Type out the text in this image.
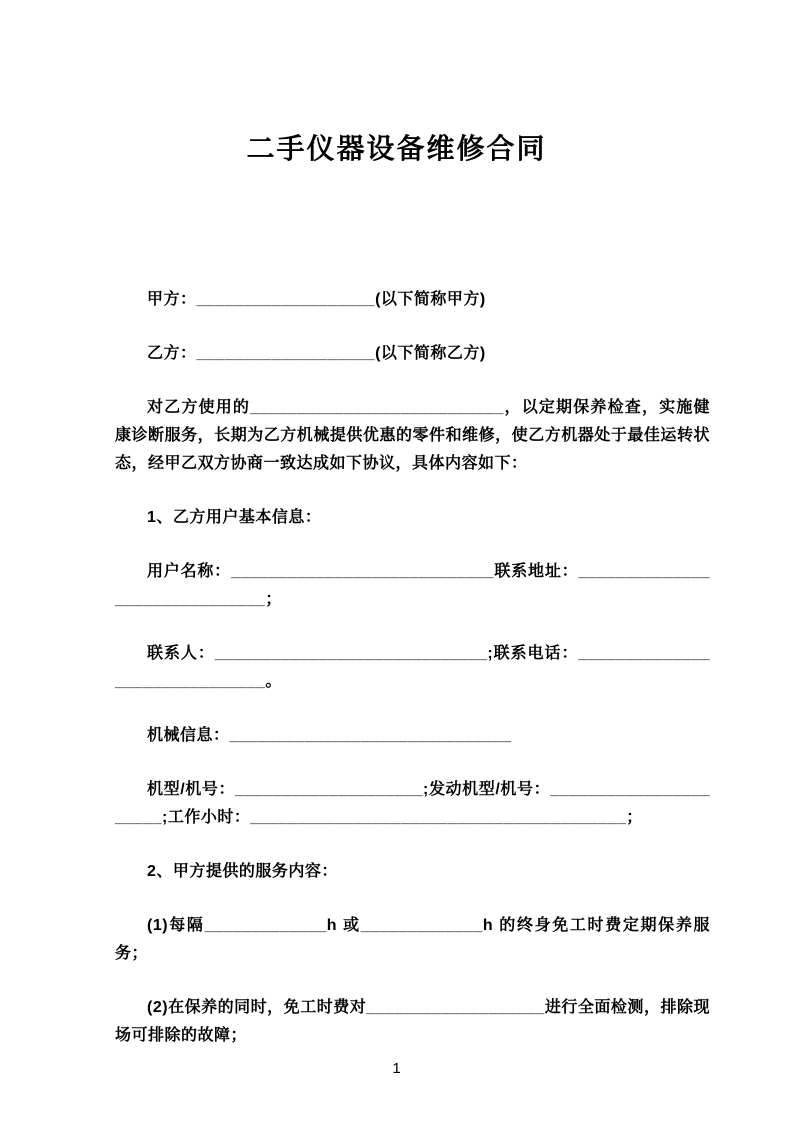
二手仪器设备维修合同

甲方：___________________(以下简称甲方)

乙方：___________________(以下简称乙方)

对乙方使用的___________________________，以定期保养检查，实施健康诊断服务，长期为乙方机械提供优惠的零件和维修，使乙方机器处于最佳运转状态，经甲乙双方协商一致达成如下协议，具体内容如下：

1、乙方用户基本信息：

用户名称：____________________________联系地址：______________________________；

联系人：_____________________________;联系电话：______________________________。

机械信息：______________________________

机型/机号：____________________;发动机型/机号：______________________;工作小时：________________________________________；

2、甲方提供的服务内容：

(1)每隔_____________h 或_____________h 的终身免工时费定期保养服务；

(2)在保养的同时，免工时费对___________________进行全面检测，排除现场可排除的故障；

1
